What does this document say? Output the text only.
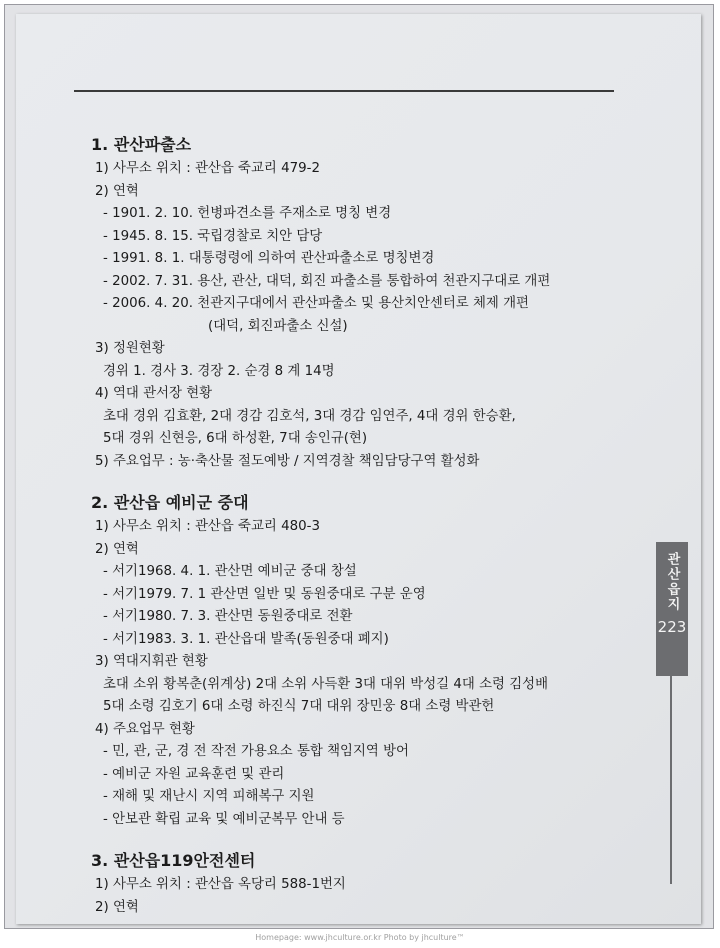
1. 관산파출소
1) 사무소 위치 : 관산읍 죽교리 479-2
2) 연혁
- 1901. 2. 10. 헌병파견소를 주재소로 명칭 변경
- 1945. 8. 15. 국립경찰로 치안 담당
- 1991. 8. 1. 대통령령에 의하여 관산파출소로 명칭변경
- 2002. 7. 31. 용산, 관산, 대덕, 회진 파출소를 통합하여 천관지구대로 개편
- 2006. 4. 20. 천관지구대에서 관산파출소 및 용산치안센터로 체제 개편
(대덕, 회진파출소 신설)
3) 정원현황
경위 1. 경사 3. 경장 2. 순경 8 계 14명
4) 역대 관서장 현황
초대 경위 김효환, 2대 경감 김호석, 3대 경감 임연주, 4대 경위 한승환,
5대 경위 신현응, 6대 하성환, 7대 송인규(현)
5) 주요업무 : 농·축산물 절도예방 / 지역경찰 책임담당구역 활성화
2. 관산읍 예비군 중대
1) 사무소 위치 : 관산읍 죽교리 480-3
2) 연혁
- 서기1968. 4. 1. 관산면 예비군 중대 창설
- 서기1979. 7. 1 관산면 일반 및 동원중대로 구분 운영
- 서기1980. 7. 3. 관산면 동원중대로 전환
- 서기1983. 3. 1. 관산읍대 발족(동원중대 폐지)
3) 역대지휘관 현황
초대 소위 황복춘(위계상) 2대 소위 사득환 3대 대위 박성길 4대 소령 김성배
5대 소령 김호기 6대 소령 하진식 7대 대위 장민웅 8대 소령 박관헌
4) 주요업무 현황
- 민, 관, 군, 경 전 작전 가용요소 통합 책임지역 방어
- 예비군 자원 교육훈련 및 관리
- 재해 및 재난시 지역 피해복구 지원
- 안보관 확립 교육 및 예비군복무 안내 등
3. 관산읍119안전센터
1) 사무소 위치 : 관산읍 옥당리 588-1번지
2) 연혁
관산읍지
223
Homepage: www.jhculture.or.kr Photo by jhculture™
